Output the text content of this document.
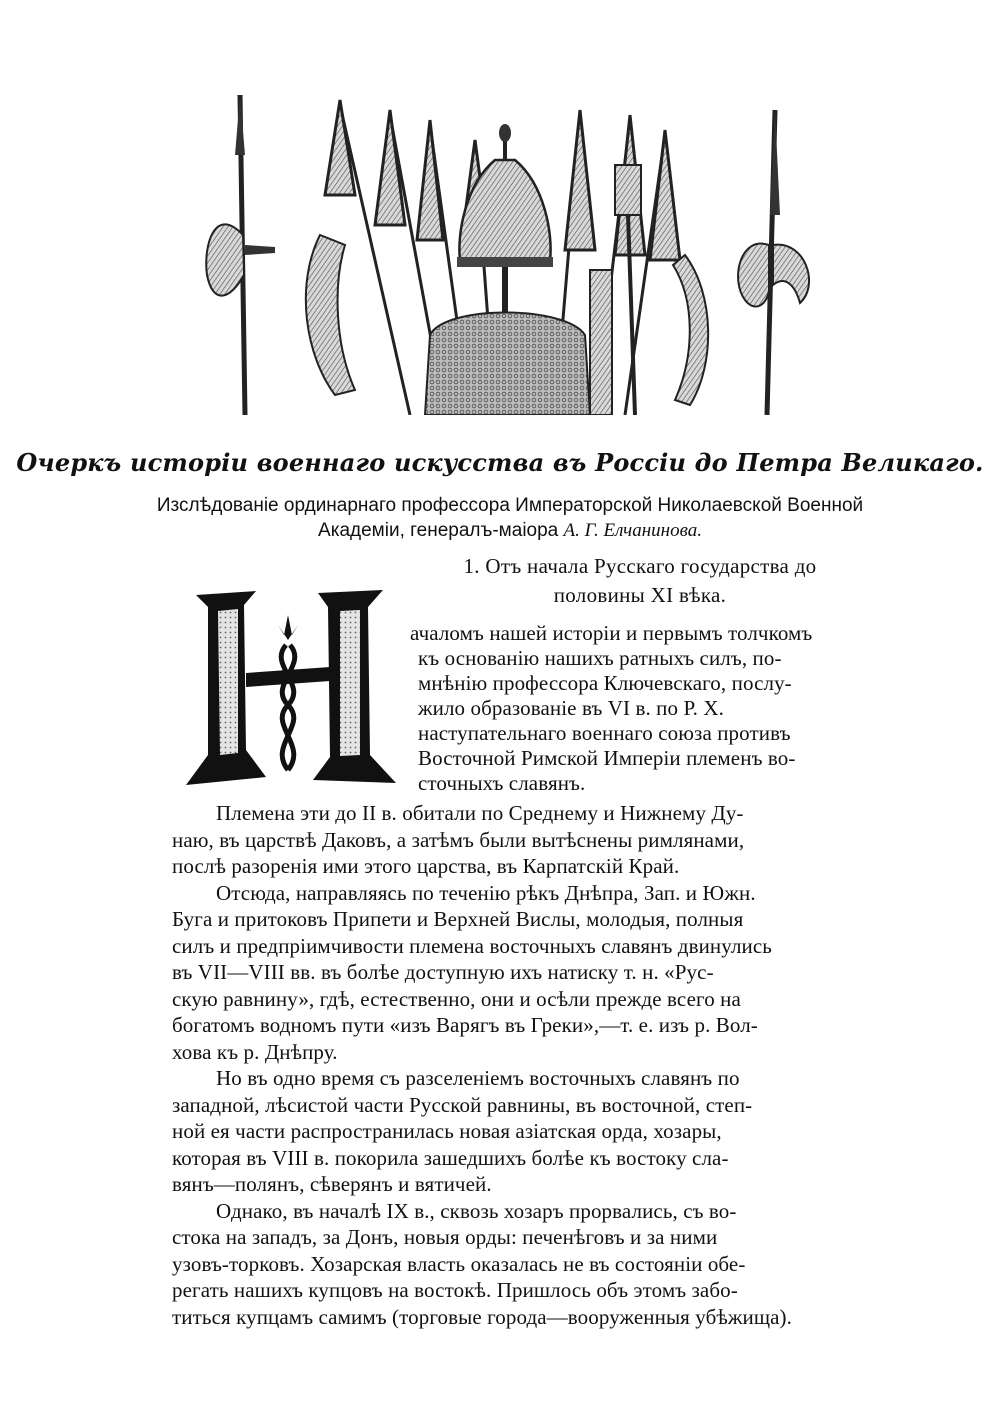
Очеркъ исторіи военнаго искусства въ Россіи до Петра Великаго.
Изслѣдованіе ординарнаго профессора Императорской Николаевской Военной
Академіи, генералъ-маіора А. Г. Елчанинова.
1. Отъ начала Русскаго государства до
половины XI вѣка.
ачаломъ нашей исторіи и первымъ толчкомъ
къ основанію нашихъ ратныхъ силъ, по-
мнѣнію профессора Ключевскаго, послу-
жило образованіе въ VI в. по Р. X.
наступательнаго военнаго союза противъ
Восточной Римской Имперіи племенъ во-
сточныхъ славянъ.
Племена эти до II в. обитали по Среднему и Нижнему Ду-
наю, въ царствѣ Даковъ, а затѣмъ были вытѣснены римлянами,
послѣ разоренія ими этого царства, въ Карпатскій Край.
Отсюда, направляясь по теченію рѣкъ Днѣпра, Зап. и Южн.
Буга и притоковъ Припети и Верхней Вислы, молодыя, полныя
силъ и предпріимчивости племена восточныхъ славянъ двинулись
въ VII—VIII вв. въ болѣе доступную ихъ натиску т. н. «Рус-
скую равнину», гдѣ, естественно, они и осѣли прежде всего на
богатомъ водномъ пути «изъ Варягъ въ Греки»,—т. е. изъ р. Вол-
хова къ р. Днѣпру.
Но въ одно время съ разселеніемъ восточныхъ славянъ по
западной, лѣсистой части Русской равнины, въ восточной, степ-
ной ея части распространилась новая азіатская орда, хозары,
которая въ VIII в. покорила зашедшихъ болѣе къ востоку сла-
вянъ—полянъ, сѣверянъ и вятичей.
Однако, въ началѣ IX в., сквозь хозаръ прорвались, съ во-
стока на западъ, за Донъ, новыя орды: печенѣговъ и за ними
узовъ-торковъ. Хозарская власть оказалась не въ состояніи обе-
регать нашихъ купцовъ на востокѣ. Пришлось объ этомъ забо-
титься купцамъ самимъ (торговые города—вооруженныя убѣжища).
